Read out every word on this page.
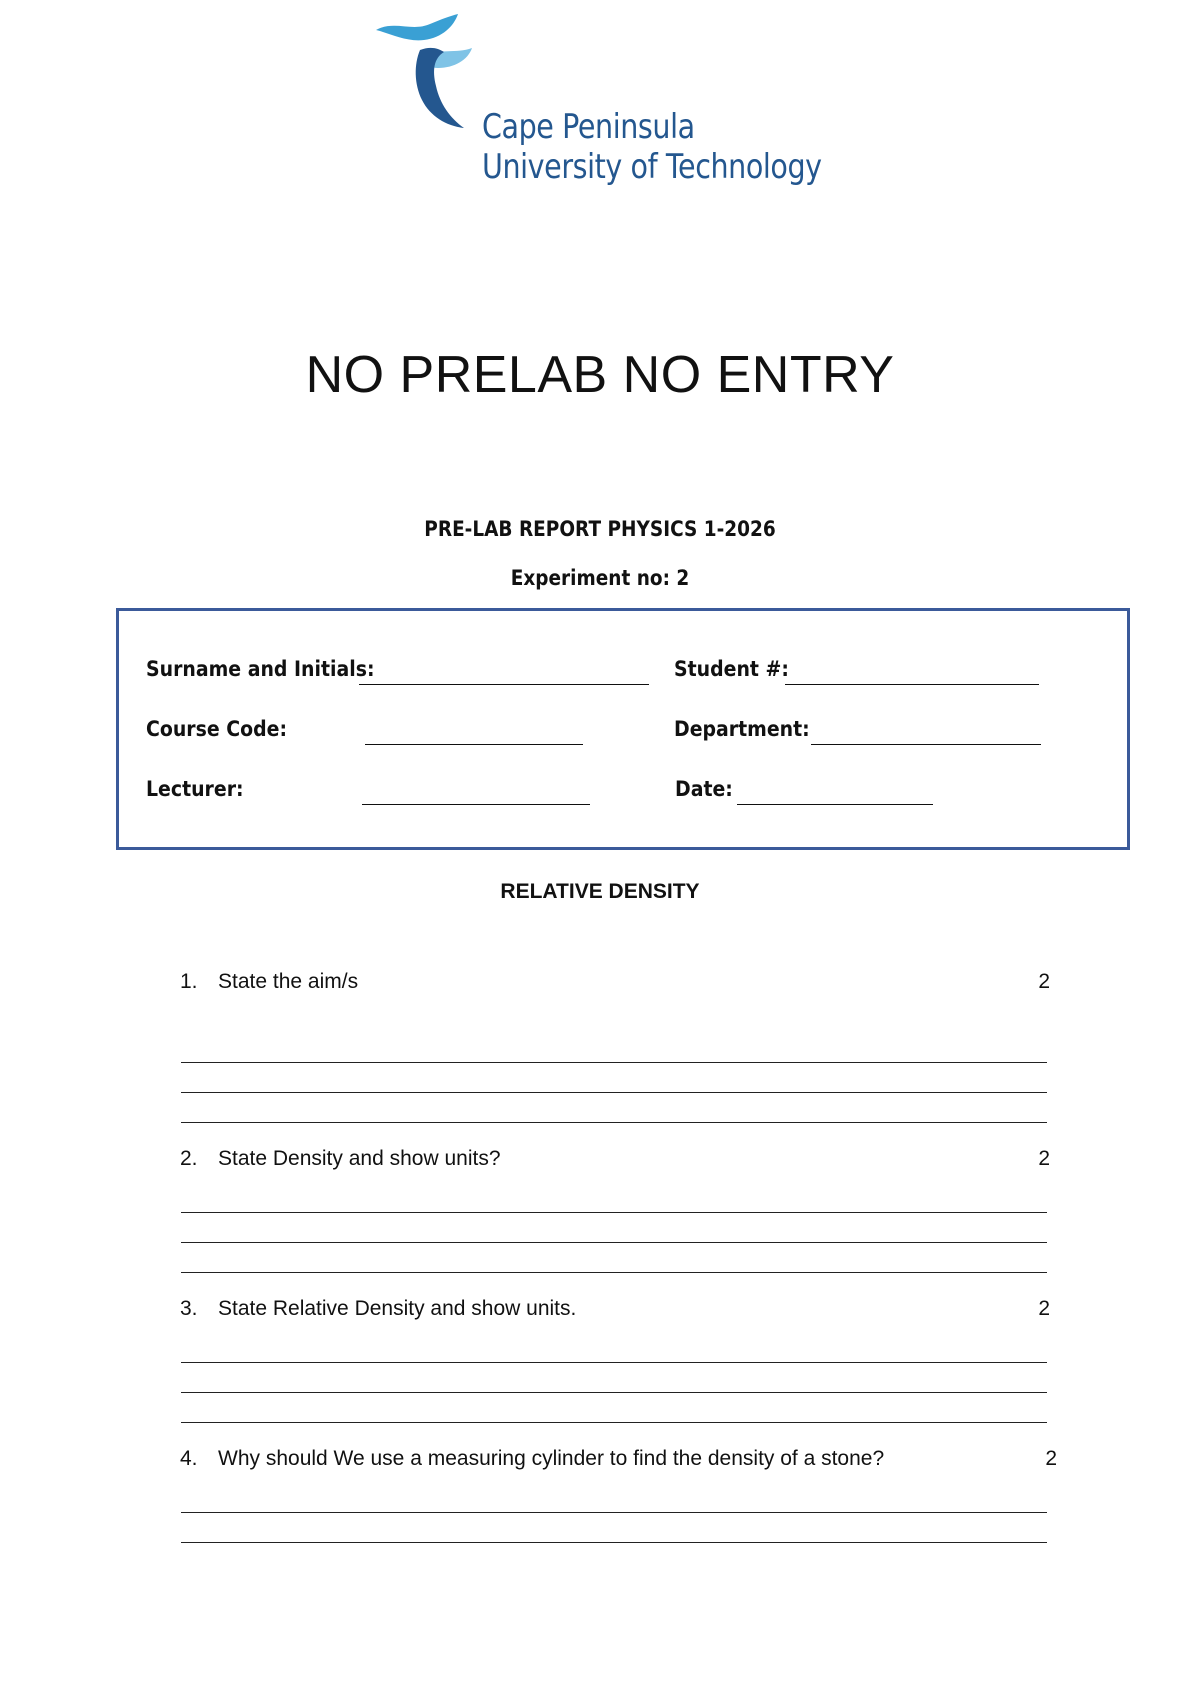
Cape Peninsula
University of Technology
NO PRELAB NO ENTRY
PRE-LAB REPORT PHYSICS 1-2026
Experiment no: 2
Surname and Initials:	Student #:
Course Code:	Department:
Lecturer:	Date:
RELATIVE DENSITY
1. State the aim/s	2
2. State Density and show units?	2
3. State Relative Density and show units.	2
4. Why should We use a measuring cylinder to find the density of a stone?	2
